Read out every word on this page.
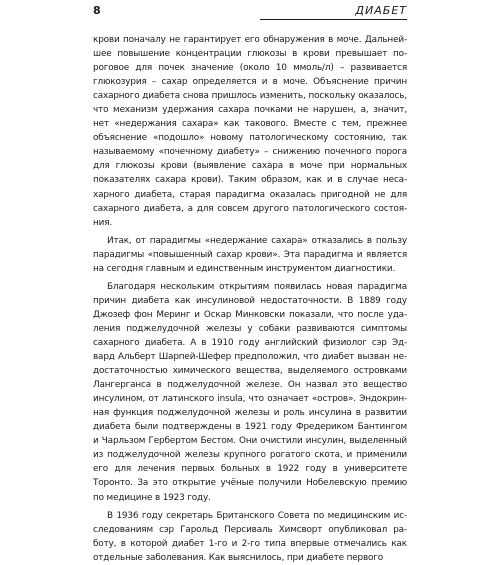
8	ДИАБЕТ
крови поначалу не гарантирует его обнаружения в моче. Дальней-
шее повышение концентрации глюкозы в крови превышает по-
роговое для почек значение (около 10 ммоль/л) – развивается
глюкозурия – сахар определяется и в моче. Объяснение причин
сахарного диабета снова пришлось изменить, поскольку оказалось,
что механизм удержания сахара почками не нарушен, а, значит,
нет «недержания сахара» как такового. Вместе с тем, прежнее
объяснение «подошло» новому патологическому состоянию, так
называемому «почечному диабету» – снижению почечного порога
для глюкозы крови (выявление сахара в моче при нормальных
показателях сахара крови). Таким образом, как и в случае неса-
харного диабета, старая парадигма оказалась пригодной не для
сахарного диабета, а для совсем другого патологического состоя-
ния.
Итак, от парадигмы «недержание сахара» отказались в пользу
парадигмы «повышенный сахар крови». Эта парадигма и является
на сегодня главным и единственным инструментом диагностики.
Благодаря нескольким открытиям появилась новая парадигма
причин диабета как инсулиновой недостаточности. В 1889 году
Джозеф фон Меринг и Оскар Минковски показали, что после уда-
ления поджелудочной железы у собаки развиваются симптомы
сахарного диабета. А в 1910 году английский физиолог сэр Эд-
вард Альберт Шарпей-Шефер предположил, что диабет вызван не-
достаточностью химического вещества, выделяемого островками
Лангерганса в поджелудочной железе. Он назвал это вещество
инсулином, от латинского insula, что означает «остров». Эндокрин-
ная функция поджелудочной железы и роль инсулина в развитии
диабета были подтверждены в 1921 году Фредериком Бантингом
и Чарльзом Гербертом Бестом. Они очистили инсулин, выделенный
из поджелудочной железы крупного рогатого скота, и применили
его для лечения первых больных в 1922 году в университете
Торонто. За это открытие учёные получили Нобелевскую премию
по медицине в 1923 году.
В 1936 году секретарь Британского Совета по медицинским ис-
следованиям сэр Гарольд Персиваль Химсворт опубликовал ра-
боту, в которой диабет 1-го и 2-го типа впервые отмечались как
отдельные заболевания. Как выяснилось, при диабете первого
